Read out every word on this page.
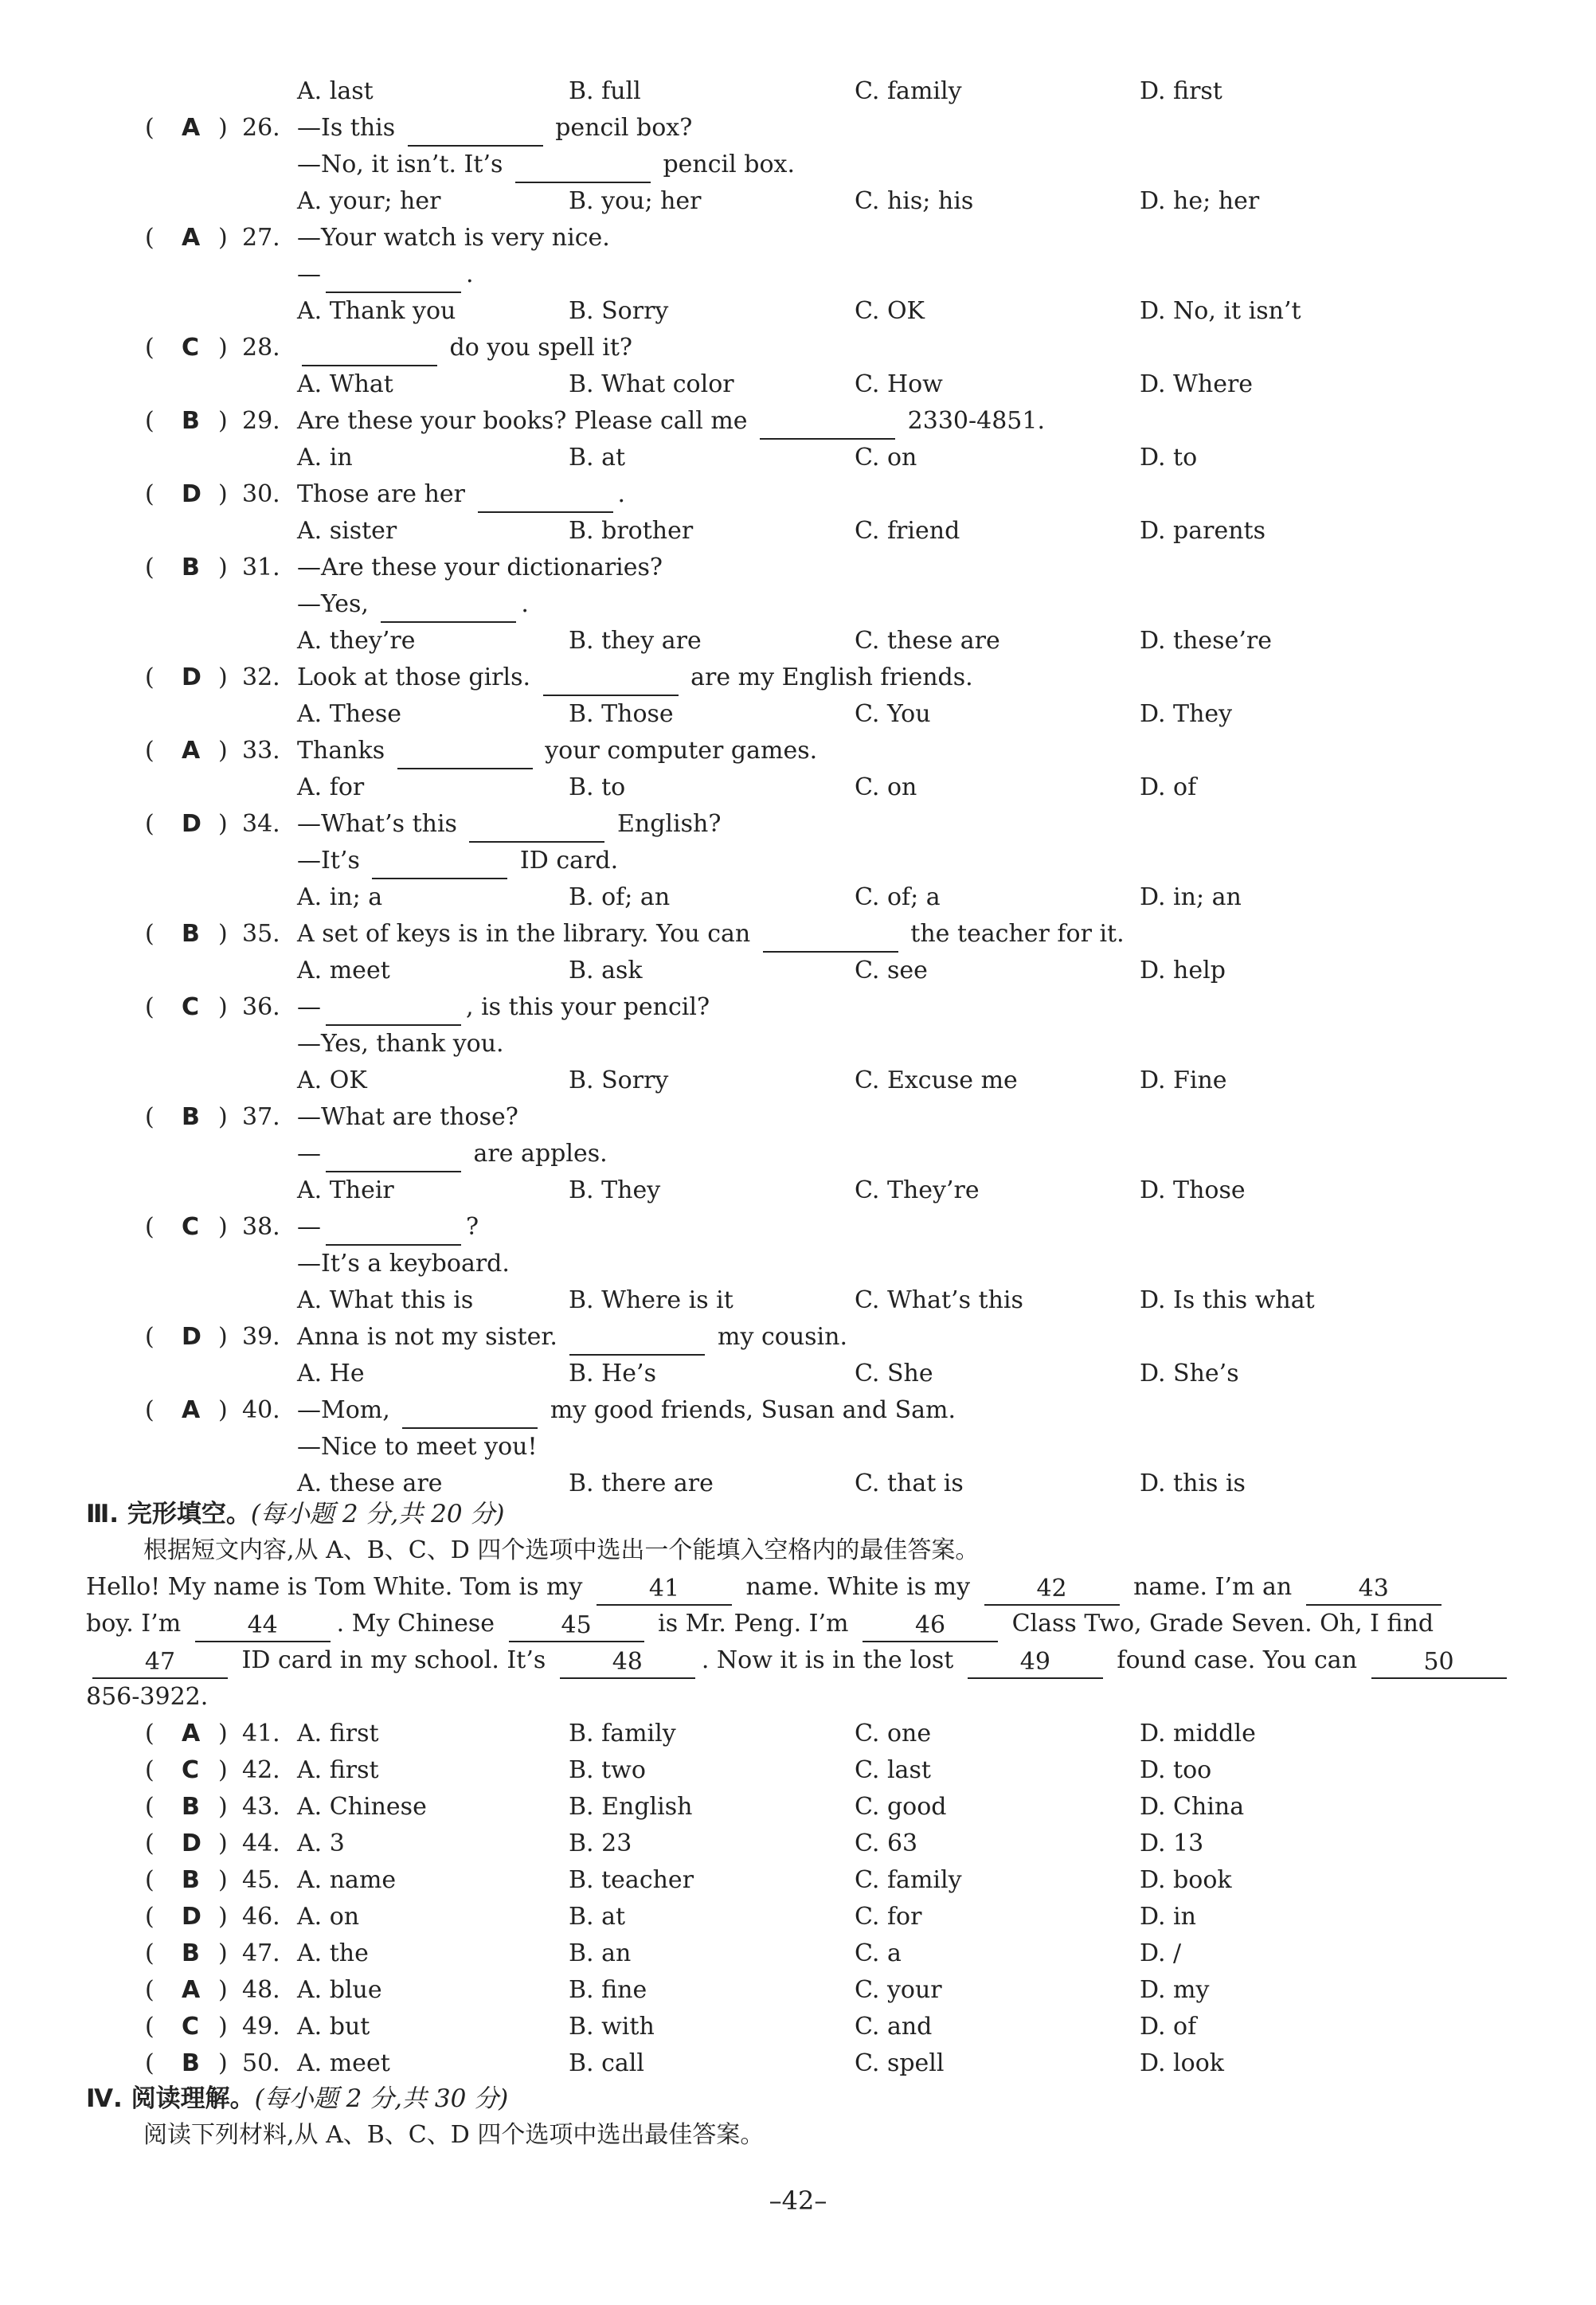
A. last	B. full	C. family	D. first
( A ) 26. —Is this	pencil box?
—No, it isn’t. It’s	pencil box.
A. your; her	B. you; her	C. his; his	D. he; her
( A ) 27. —Your watch is very nice.
—	.
A. Thank you	B. Sorry	C. OK	D. No, it isn’t
( C ) 28.	do you spell it?
A. What	B. What color	C. How	D. Where
( B ) 29. Are these your books? Please call me	2330-4851.
A. in	B. at	C. on	D. to
( D ) 30. Those are her	.
A. sister	B. brother	C. friend	D. parents
( B ) 31. —Are these your dictionaries?
—Yes,	.
A. they’re	B. they are	C. these are	D. these’re
( D ) 32. Look at those girls.	are my English friends.
A. These	B. Those	C. You	D. They
( A ) 33. Thanks	your computer games.
A. for	B. to	C. on	D. of
( D ) 34. —What’s this	English?
—It’s	ID card.
A. in; a	B. of; an	C. of; a	D. in; an
( B ) 35. A set of keys is in the library. You can	the teacher for it.
A. meet	B. ask	C. see	D. help
( C ) 36. —	, is this your pencil?
—Yes, thank you.
A. OK	B. Sorry	C. Excuse me	D. Fine
( B ) 37. —What are those?
—	are apples.
A. Their	B. They	C. They’re	D. Those
( C ) 38. —	?
—It’s a keyboard.
A. What this is	B. Where is it	C. What’s this	D. Is this what
( D ) 39. Anna is not my sister.	my cousin.
A. He	B. He’s	C. She	D. She’s
( A ) 40. —Mom,	my good friends, Susan and Sam.
—Nice to meet you!
A. these are	B. there are	C. that is	D. this is
Ⅲ. 完形填空。(每小题 2 分,共 20 分)
根据短文内容,从 A、B、C、D 四个选项中选出一个能填入空格内的最佳答案。
Hello! My name is Tom White. Tom is my 41 name. White is my 42 name. I’m an 43
boy. I’m 44 . My Chinese 45 is Mr. Peng. I’m 46 Class Two, Grade Seven. Oh, I find
47 ID card in my school. It’s 48 . Now it is in the lost 49 found case. You can 50
856-3922.
( A ) 41. A. first	B. family	C. one	D. middle
( C ) 42. A. first	B. two	C. last	D. too
( B ) 43. A. Chinese	B. English	C. good	D. China
( D ) 44. A. 3	B. 23	C. 63	D. 13
( B ) 45. A. name	B. teacher	C. family	D. book
( D ) 46. A. on	B. at	C. for	D. in
( B ) 47. A. the	B. an	C. a	D. /
( A ) 48. A. blue	B. fine	C. your	D. my
( C ) 49. A. but	B. with	C. and	D. of
( B ) 50. A. meet	B. call	C. spell	D. look
Ⅳ. 阅读理解。(每小题 2 分,共 30 分)
阅读下列材料,从 A、B、C、D 四个选项中选出最佳答案。
–42–
